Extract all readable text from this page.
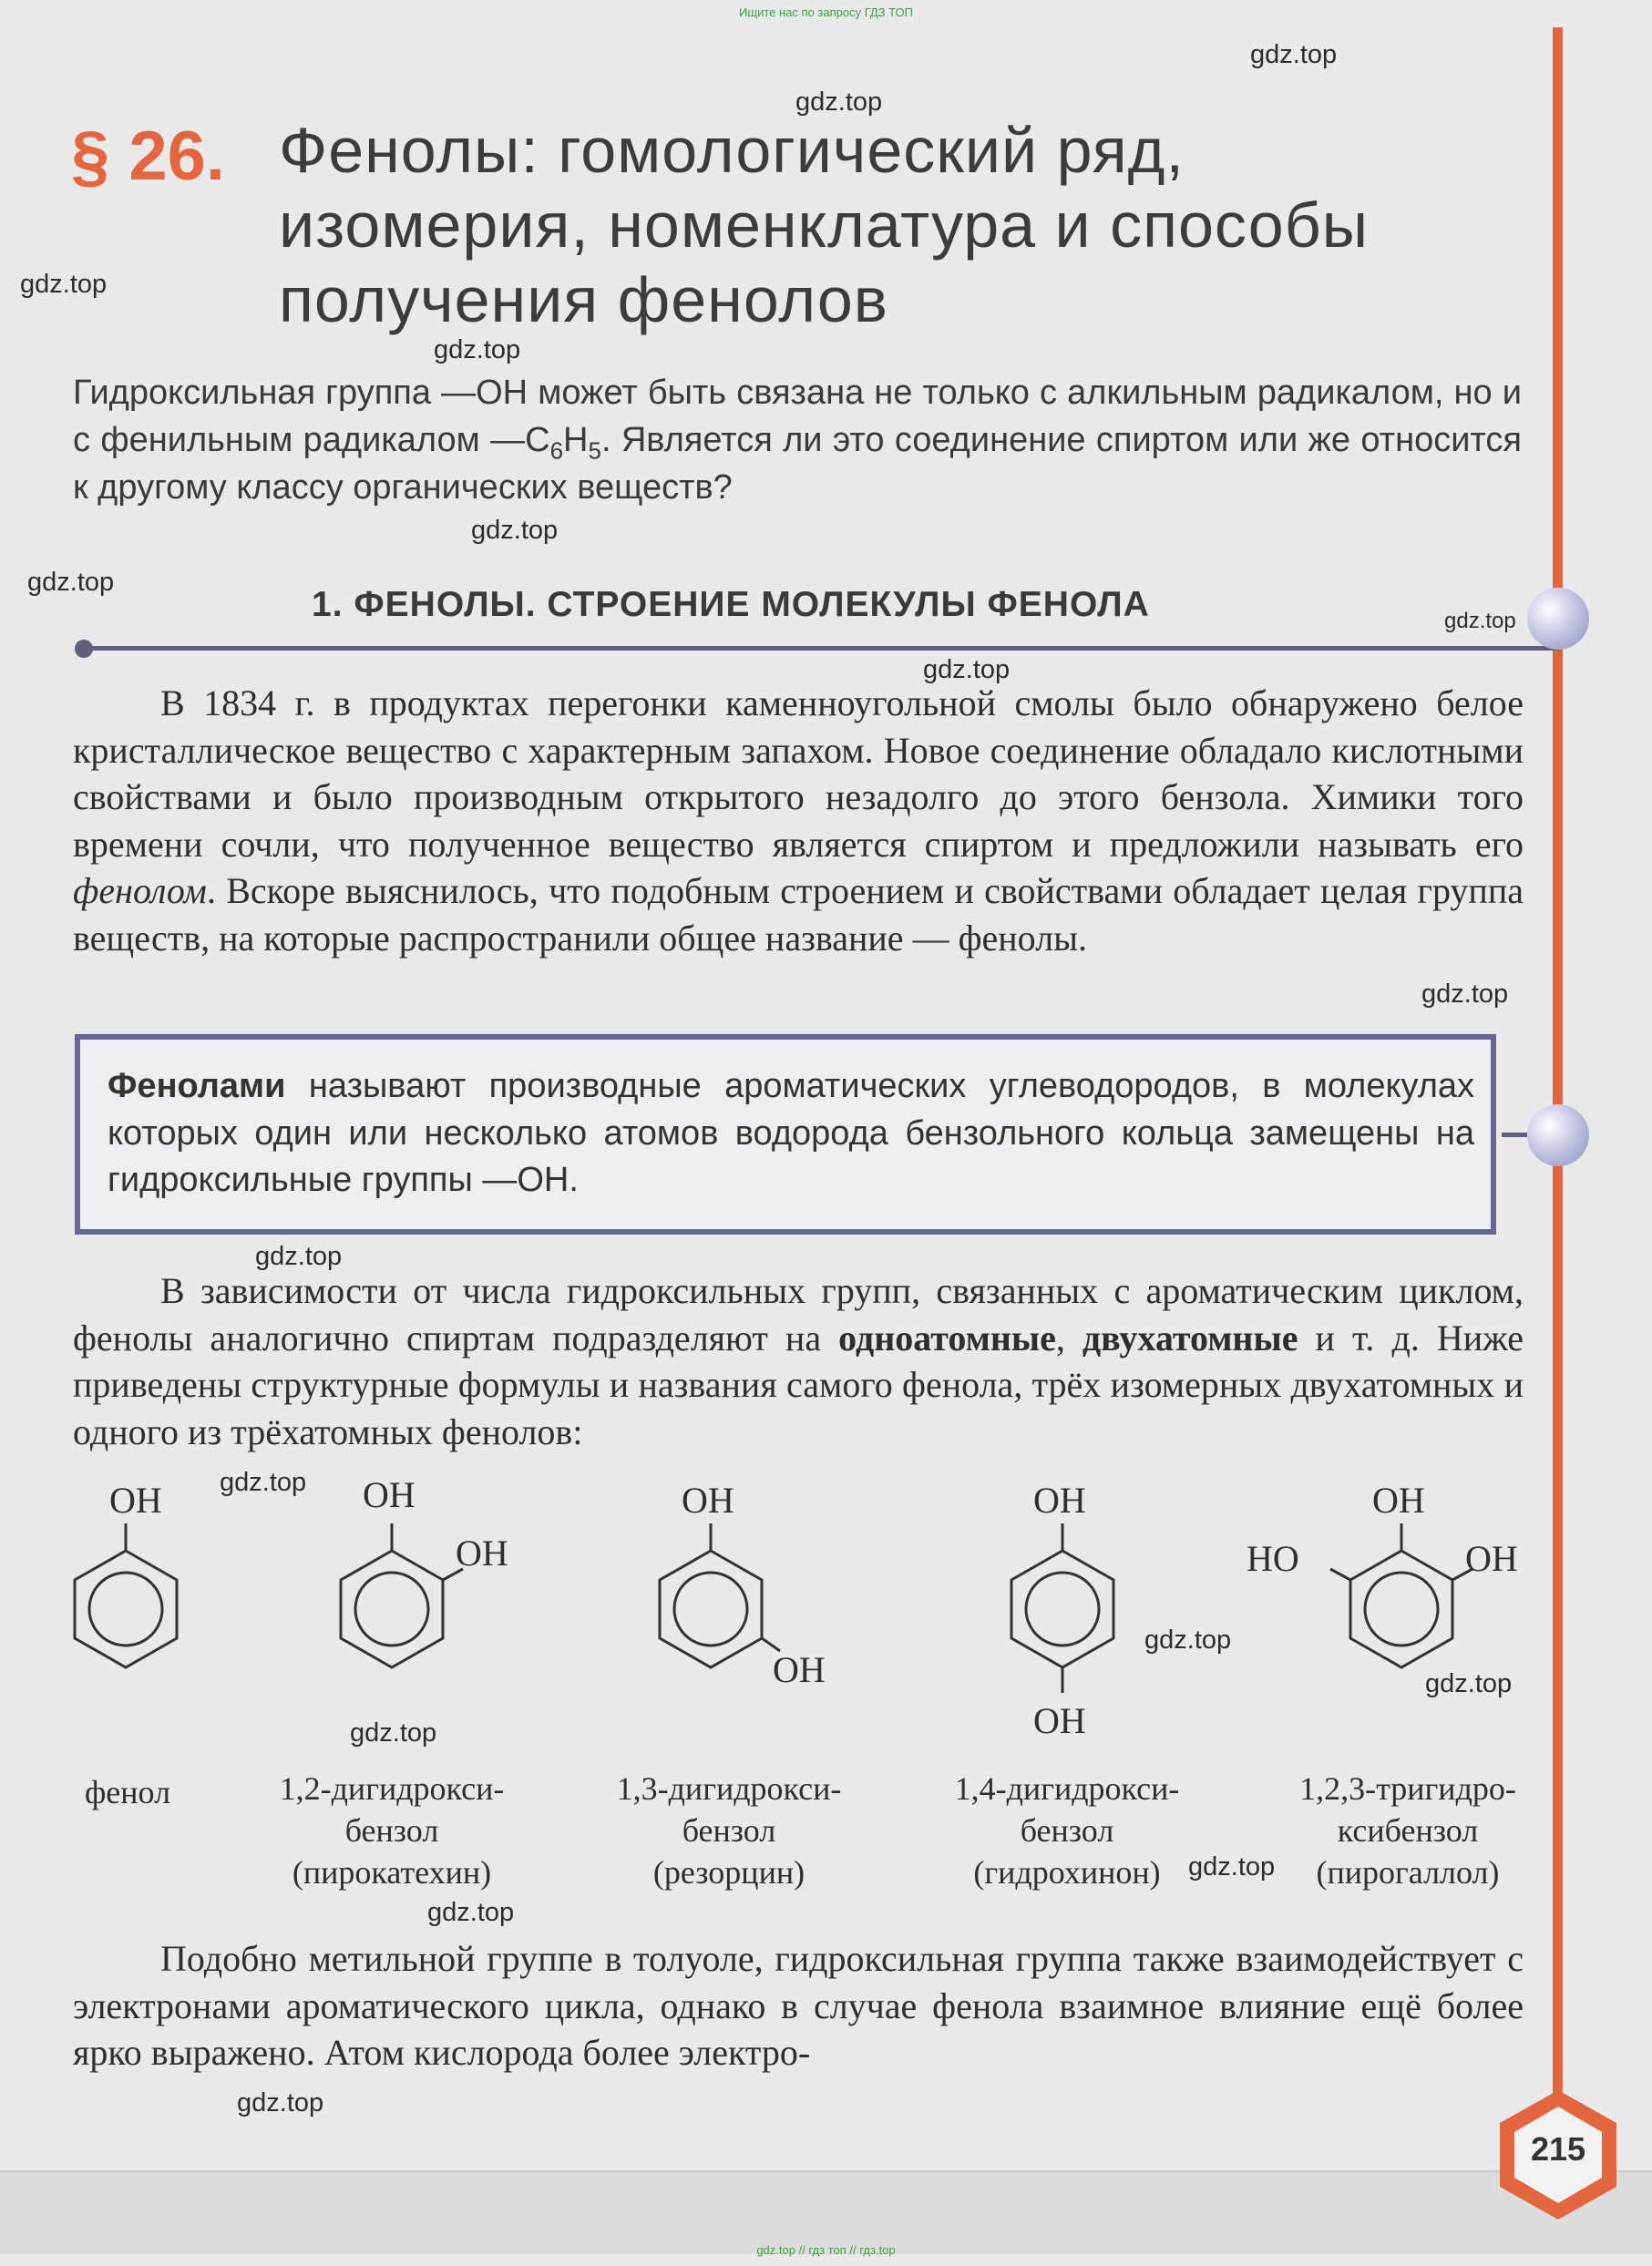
Ищите нас по запросу ГДЗ ТОП
gdz.top
gdz.top
gdz.top
gdz.top
gdz.top
gdz.top
gdz.top
gdz.top
gdz.top
gdz.top
gdz.top
gdz.top
gdz.top
gdz.top
gdz.top
gdz.top
gdz.top
§ 26. Фенолы: гомологический ряд,
изомерия, номенклатура и способы
получения фенолов
Гидроксильная группа —ОН может быть связана не только с алкильным радикалом, но и с фенильным радикалом $—C_6H_5$. Является ли это соединение спиртом или же относится к другому классу органических веществ?
1. ФЕНОЛЫ. СТРОЕНИЕ МОЛЕКУЛЫ ФЕНОЛА

В 1834 г. в продуктах перегонки каменноугольной смолы было обнаружено белое кристаллическое вещество с характерным запахом. Новое соединение обладало кислотными свойствами и было производным открытого незадолго до этого бензола. Химики того времени сочли, что полученное вещество является спиртом и предложили называть его фенолом. Вскоре выяснилось, что подобным строением и свойствами обладает целая группа веществ, на которые распространили общее название — фенолы.

Фенолами называют производные ароматических углеводородов, в молекулах которых один или несколько атомов водорода бензольного кольца замещены на гидроксильные группы —ОН.

В зависимости от числа гидроксильных групп, связанных с ароматическим циклом, фенолы аналогично спиртам подразделяют на одноатомные, двухатомные и т. д. Ниже приведены структурные формулы и названия самого фенола, трёх изомерных двухатомных и одного из трёхатомных фенолов:

OH
фенол
OH
OH
1,2-дигидрокси-
бензол
(пирокатехин)
OH
OH
1,3-дигидрокси-
бензол
(резорцин)
OH
OH
1,4-дигидрокси-
бензол
(гидрохинон)
OH
HO	OH
1,2,3-тригидро-
ксибензол
(пирогаллол)

Подобно метильной группе в толуоле, гидроксильная группа также взаимодействует с электронами ароматического цикла, однако в случае фенола взаимное влияние ещё более ярко выражено. Атом кислорода более электро-

215
gdz.top // гдз топ // гдз.top
